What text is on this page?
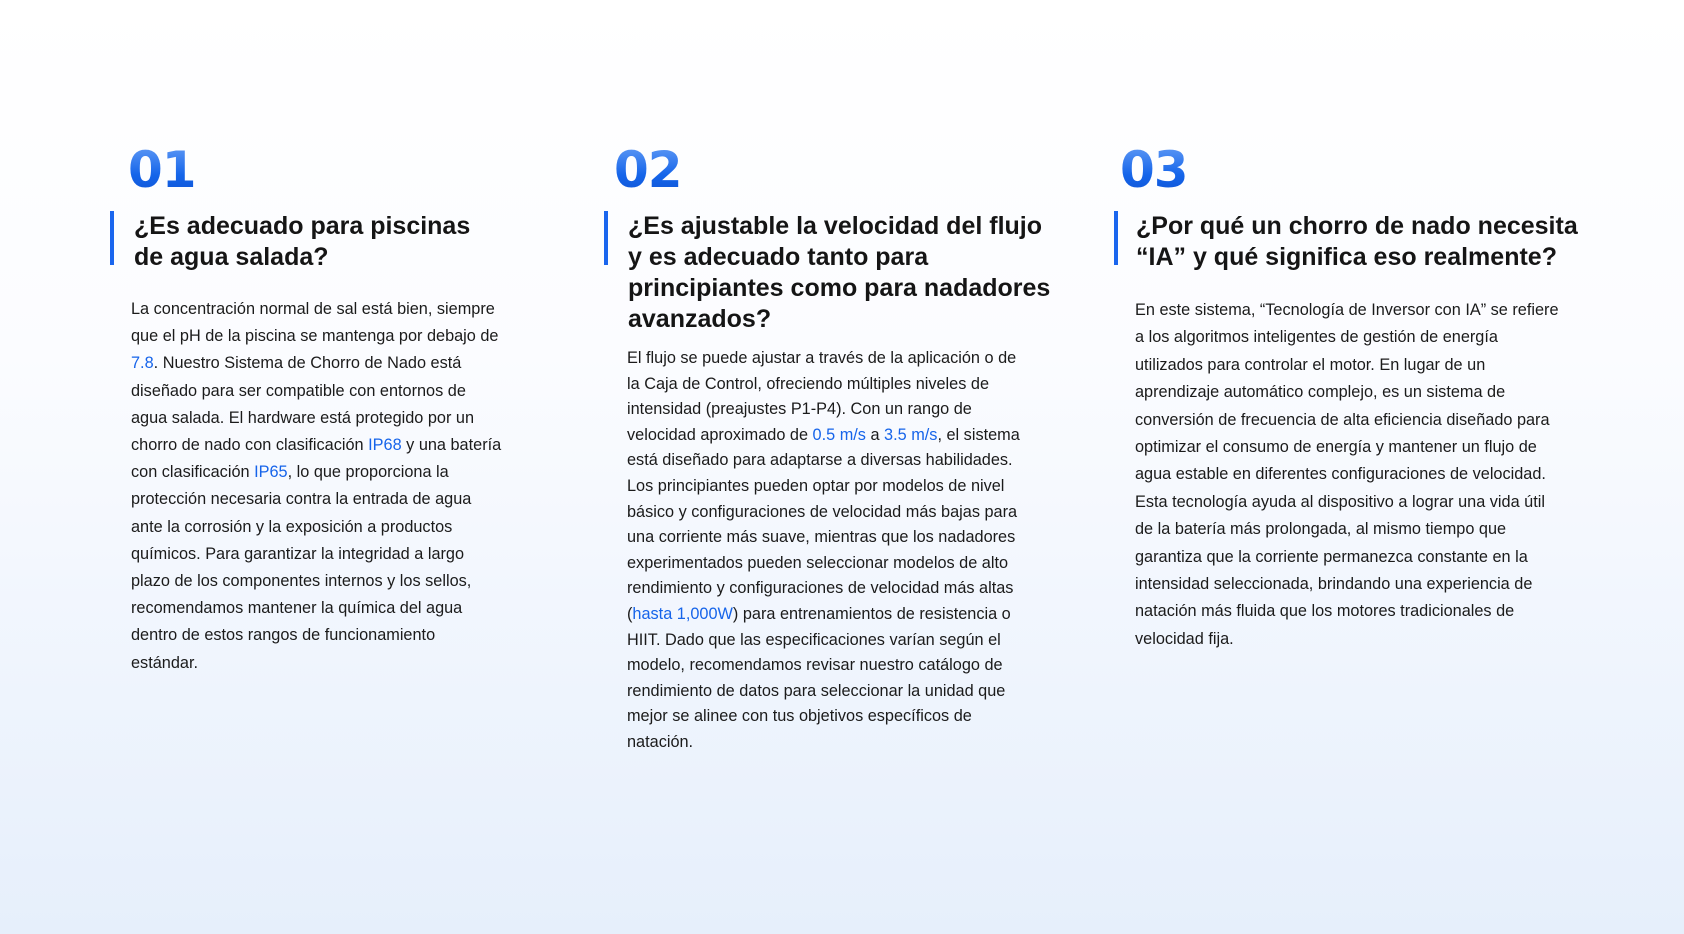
01
¿Es adecuado para piscinas de agua salada?

La concentración normal de sal está bien, siempre que el pH de la piscina se mantenga por debajo de 7.8. Nuestro Sistema de Chorro de Nado está diseñado para ser compatible con entornos de agua salada. El hardware está protegido por un chorro de nado con clasificación IP68 y una batería con clasificación IP65, lo que proporciona la protección necesaria contra la entrada de agua ante la corrosión y la exposición a productos químicos. Para garantizar la integridad a largo plazo de los componentes internos y los sellos, recomendamos mantener la química del agua dentro de estos rangos de funcionamiento estándar.

02
¿Es ajustable la velocidad del flujo y es adecuado tanto para principiantes como para nadadores avanzados?

El flujo se puede ajustar a través de la aplicación o de la Caja de Control, ofreciendo múltiples niveles de intensidad (preajustes P1-P4). Con un rango de velocidad aproximado de 0.5 m/s a 3.5 m/s, el sistema está diseñado para adaptarse a diversas habilidades. Los principiantes pueden optar por modelos de nivel básico y configuraciones de velocidad más bajas para una corriente más suave, mientras que los nadadores experimentados pueden seleccionar modelos de alto rendimiento y configuraciones de velocidad más altas (hasta 1,000W) para entrenamientos de resistencia o HIIT. Dado que las especificaciones varían según el modelo, recomendamos revisar nuestro catálogo de rendimiento de datos para seleccionar la unidad que mejor se alinee con tus objetivos específicos de natación.

03
¿Por qué un chorro de nado necesita “IA” y qué significa eso realmente?

En este sistema, “Tecnología de Inversor con IA” se refiere a los algoritmos inteligentes de gestión de energía utilizados para controlar el motor. En lugar de un aprendizaje automático complejo, es un sistema de conversión de frecuencia de alta eficiencia diseñado para optimizar el consumo de energía y mantener un flujo de agua estable en diferentes configuraciones de velocidad. Esta tecnología ayuda al dispositivo a lograr una vida útil de la batería más prolongada, al mismo tiempo que garantiza que la corriente permanezca constante en la intensidad seleccionada, brindando una experiencia de natación más fluida que los motores tradicionales de velocidad fija.
